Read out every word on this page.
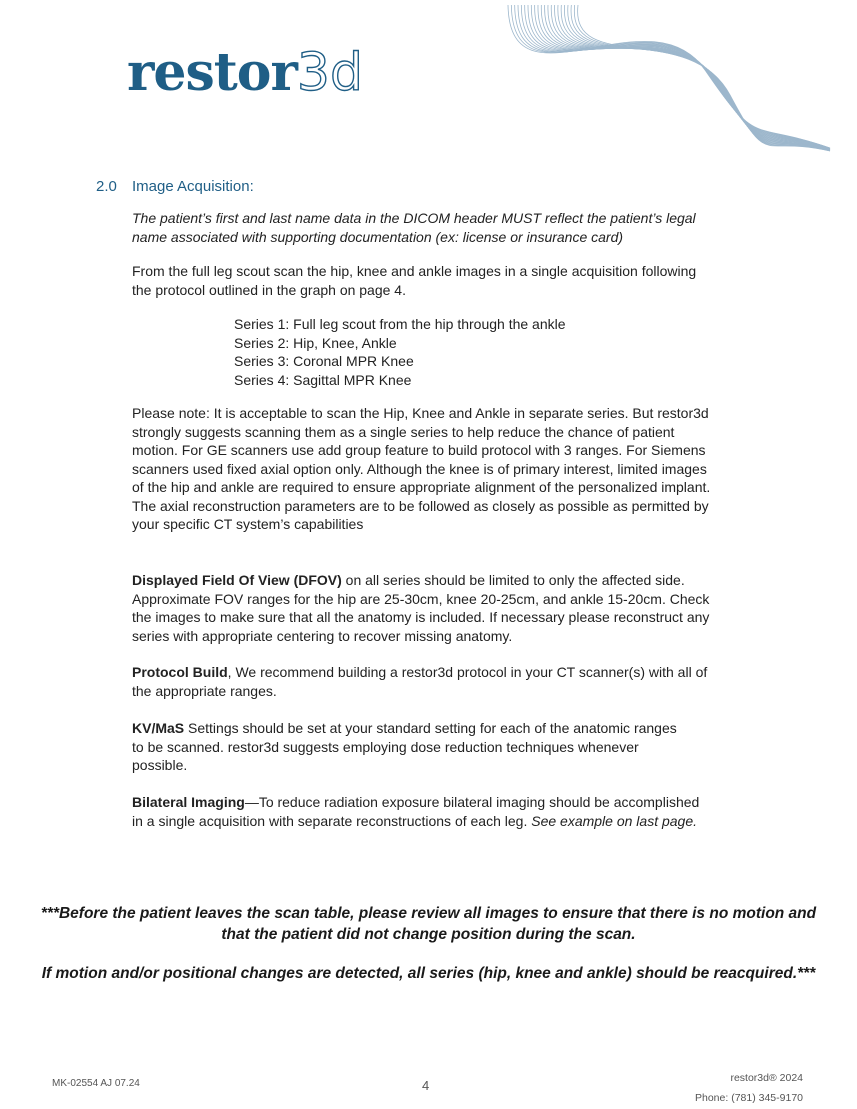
restor3d
2.0 Image Acquisition:
The patient’s first and last name data in the DICOM header MUST reflect the patient’s legal name associated with supporting documentation (ex: license or insurance card)
From the full leg scout scan the hip, knee and ankle images in a single acquisition following the protocol outlined in the graph on page 4.
Series 1: Full leg scout from the hip through the ankle
Series 2: Hip, Knee, Ankle
Series 3: Coronal MPR Knee
Series 4: Sagittal MPR Knee
Please note: It is acceptable to scan the Hip, Knee and Ankle in separate series. But restor3d strongly suggests scanning them as a single series to help reduce the chance of patient motion. For GE scanners use add group feature to build protocol with 3 ranges. For Siemens scanners used fixed axial option only. Although the knee is of primary interest, limited images of the hip and ankle are required to ensure appropriate alignment of the personalized implant. The axial reconstruction parameters are to be followed as closely as possible as permitted by your specific CT system’s capabilities
Displayed Field Of View (DFOV) on all series should be limited to only the affected side. Approximate FOV ranges for the hip are 25-30cm, knee 20-25cm, and ankle 15-20cm. Check the images to make sure that all the anatomy is included. If necessary please reconstruct any series with appropriate centering to recover missing anatomy.
Protocol Build, We recommend building a restor3d protocol in your CT scanner(s) with all of the appropriate ranges.
KV/MaS Settings should be set at your standard setting for each of the anatomic ranges to be scanned. restor3d suggests employing dose reduction techniques whenever possible.
Bilateral Imaging—To reduce radiation exposure bilateral imaging should be accomplished in a single acquisition with separate reconstructions of each leg. See example on last page.
***Before the patient leaves the scan table, please review all images to ensure that there is no motion and that the patient did not change position during the scan.
If motion and/or positional changes are detected, all series (hip, knee and ankle) should be reacquired.***
MK-02554 AJ 07.24	4	restor3d® 2024
Phone: (781) 345-9170
